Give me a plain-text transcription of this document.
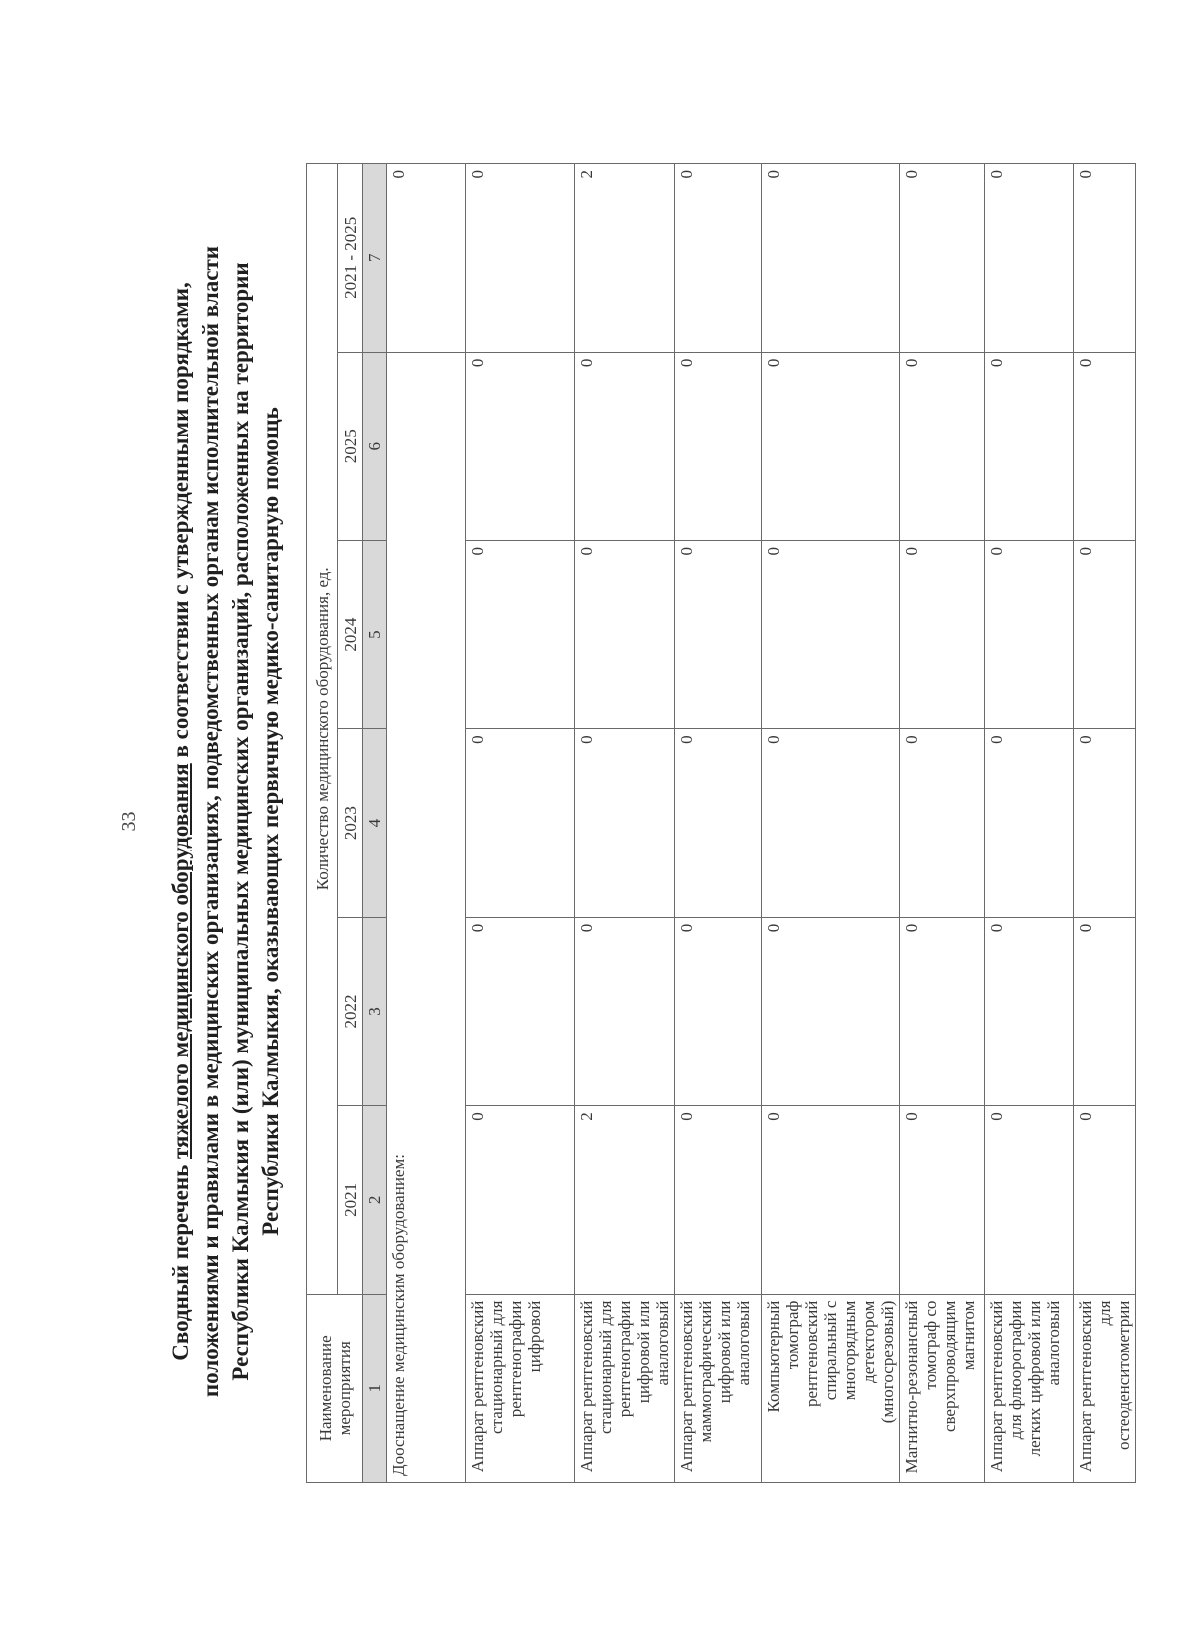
33
Сводный перечень тяжелого медицинского оборудования в соответствии с утвержденными порядками, положениями и правилами в медицинских организациях, подведомственных органам исполнительной власти Республики Калмыкия и (или) муниципальных медицинских организаций, расположенных на территории Республики Калмыкия, оказывающих первичную медико-санитарную помощь
Наименование мероприятия	Количество медицинского оборудования, ед.					
	2021	2022	2023	2024	2025	2021 - 2025
1	2	3	4	5	6	7
Дооснащение медицинским оборудованием:						0
Аппарат рентгеновский стационарный для рентгенографии цифровой	0	0	0	0	0	0
Аппарат рентгеновский стационарный для рентгенографии цифровой или аналоговый	2	0	0	0	0	2
Аппарат рентгеновский маммографический цифровой или аналоговый	0	0	0	0	0	0
Компьютерный томограф рентгеновский спиральный с многорядным детектором (многосрезовый)	0	0	0	0	0	0
Магнитно-резонансный томограф со сверхпроводящим магнитом	0	0	0	0	0	0
Аппарат рентгеновский для флюорографии легких цифровой или аналоговый	0	0	0	0	0	0
Аппарат рентгеновский для остеоденситометрии	0	0	0	0	0	0
